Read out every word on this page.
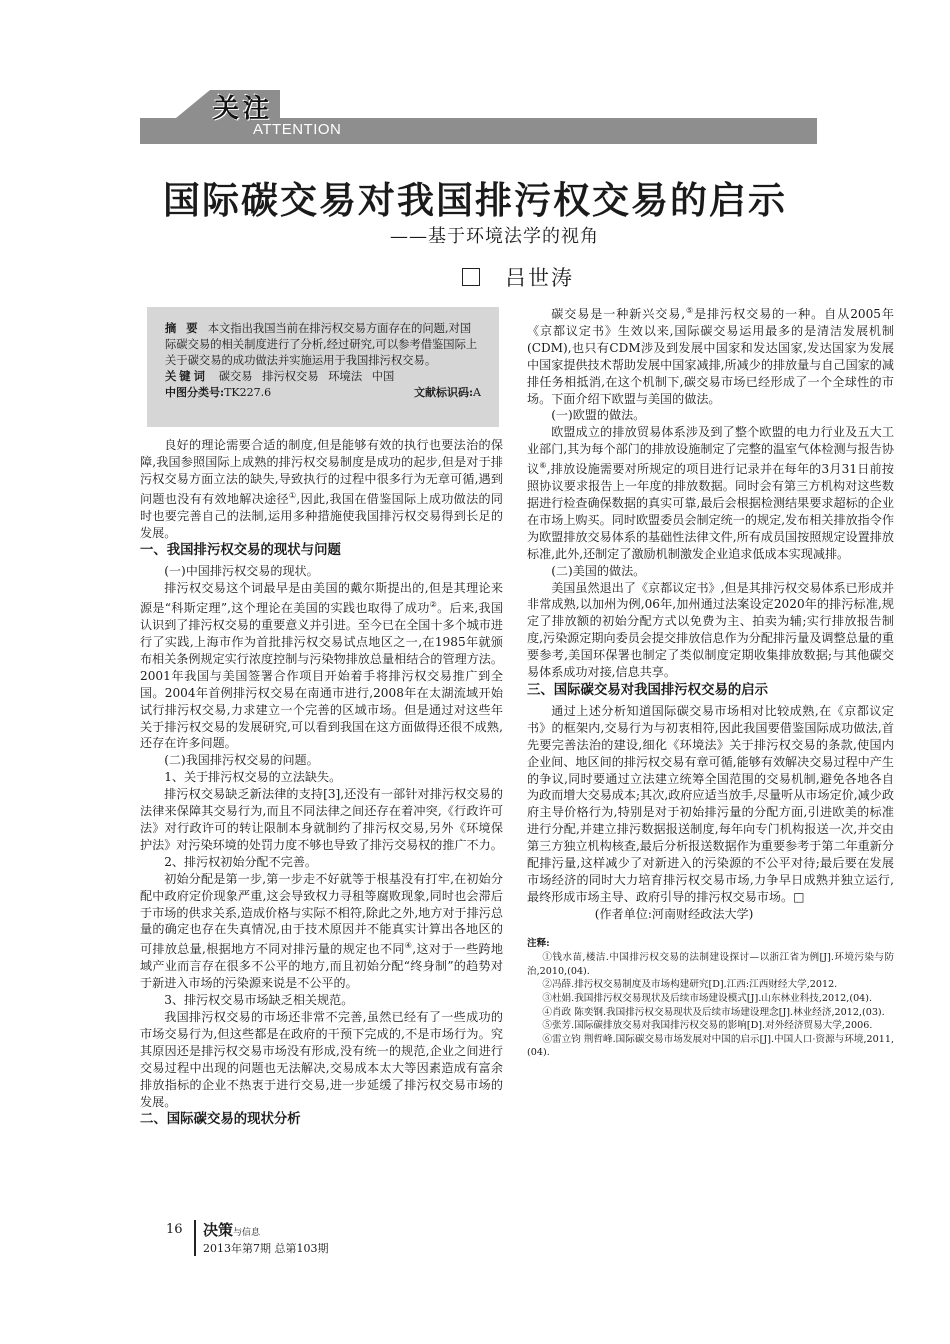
关注
ATTENTION
国际碳交易对我国排污权交易的启示
——基于环境法学的视角
吕世涛
摘 要 本文指出我国当前在排污权交易方面存在的问题,对国际碳交易的相关制度进行了分析,经过研究,可以参考借鉴国际上关于碳交易的成功做法并实施运用于我国排污权交易。
关键词 碳交易 排污权交易 环境法 中国
中图分类号:TK227.6	文献标识码:A

良好的理论需要合适的制度,但是能够有效的执行也要法治的保障,我国参照国际上成熟的排污权交易制度是成功的起步,但是对于排污权交易方面立法的缺失,导致执行的过程中很多行为无章可循,遇到问题也没有有效地解决途径①,因此,我国在借鉴国际上成功做法的同时也要完善自己的法制,运用多种措施使我国排污权交易得到长足的发展。

一、我国排污权交易的现状与问题

(一)中国排污权交易的现状。

排污权交易这个词最早是由美国的戴尔斯提出的,但是其理论来源是“科斯定理”,这个理论在美国的实践也取得了成功②。后来,我国认识到了排污权交易的重要意义并引进。至今已在全国十多个城市进行了实践,上海市作为首批排污权交易试点地区之一,在1985年就颁布相关条例规定实行浓度控制与污染物排放总量相结合的管理方法。2001年我国与美国签署合作项目开始着手将排污权交易推广到全国。2004年首例排污权交易在南通市进行,2008年在太湖流域开始试行排污权交易,力求建立一个完善的区域市场。但是通过对这些年关于排污权交易的发展研究,可以看到我国在这方面做得还很不成熟,还存在许多问题。

(二)我国排污权交易的问题。

1、关于排污权交易的立法缺失。

排污权交易缺乏新法律的支持[3],还没有一部针对排污权交易的法律来保障其交易行为,而且不同法律之间还存在着冲突,《行政许可法》对行政许可的转让限制本身就制约了排污权交易,另外《环境保护法》对污染环境的处罚力度不够也导致了排污交易权的推广不力。

2、排污权初始分配不完善。

初始分配是第一步,第一步走不好就等于根基没有打牢,在初始分配中政府定价现象严重,这会导致权力寻租等腐败现象,同时也会滞后于市场的供求关系,造成价格与实际不相符,除此之外,地方对于排污总量的确定也存在失真情况,由于技术原因并不能真实计算出各地区的可排放总量,根据地方不同对排污量的规定也不同④,这对于一些跨地域产业而言存在很多不公平的地方,而且初始分配“终身制”的趋势对于新进入市场的污染源来说是不公平的。

3、排污权交易市场缺乏相关规范。

我国排污权交易的市场还非常不完善,虽然已经有了一些成功的市场交易行为,但这些都是在政府的干预下完成的,不是市场行为。究其原因还是排污权交易市场没有形成,没有统一的规范,企业之间进行交易过程中出现的问题也无法解决,交易成本太大等因素造成有富余排放指标的企业不热衷于进行交易,进一步延缓了排污权交易市场的发展。

二、国际碳交易的现状分析

碳交易是一种新兴交易,⑤是排污权交易的一种。自从2005年《京都议定书》生效以来,国际碳交易运用最多的是清洁发展机制(CDM),也只有CDM涉及到发展中国家和发达国家,发达国家为发展中国家提供技术帮助发展中国家减排,所减少的排放量与自己国家的减排任务相抵消,在这个机制下,碳交易市场已经形成了一个全球性的市场。下面介绍下欧盟与美国的做法。

(一)欧盟的做法。

欧盟成立的排放贸易体系涉及到了整个欧盟的电力行业及五大工业部门,其为每个部门的排放设施制定了完整的温室气体检测与报告协议⑥,排放设施需要对所规定的项目进行记录并在每年的3月31日前按照协议要求报告上一年度的排放数据。同时会有第三方机构对这些数据进行检查确保数据的真实可靠,最后会根据检测结果要求超标的企业在市场上购买。同时欧盟委员会制定统一的规定,发布相关排放指令作为欧盟排放交易体系的基础性法律文件,所有成员国按照规定设置排放标准,此外,还制定了激励机制激发企业追求低成本实现减排。

(二)美国的做法。

美国虽然退出了《京都议定书》,但是其排污权交易体系已形成并非常成熟,以加州为例,06年,加州通过法案设定2020年的排污标准,规定了排放额的初始分配方式以免费为主、拍卖为辅;实行排放报告制度,污染源定期向委员会提交排放信息作为分配排污量及调整总量的重要参考,美国环保署也制定了类似制度定期收集排放数据;与其他碳交易体系成功对接,信息共享。

三、国际碳交易对我国排污权交易的启示

通过上述分析知道国际碳交易市场相对比较成熟,在《京都议定书》的框架内,交易行为与初衷相符,因此我国要借鉴国际成功做法,首先要完善法治的建设,细化《环境法》关于排污权交易的条款,使国内企业间、地区间的排污权交易有章可循,能够有效解决交易过程中产生的争议,同时要通过立法建立统筹全国范围的交易机制,避免各地各自为政而增大交易成本;其次,政府应适当放手,尽量听从市场定价,减少政府主导价格行为,特别是对于初始排污量的分配方面,引进欧美的标准进行分配,并建立排污数据报送制度,每年向专门机构报送一次,并交由第三方独立机构核查,最后分析报送数据作为重要参考于第二年重新分配排污量,这样减少了对新进入的污染源的不公平对待;最后要在发展市场经济的同时大力培育排污权交易市场,力争早日成熟并独立运行,最终形成市场主导、政府引导的排污权交易市场。□

(作者单位:河南财经政法大学)

注释:

①钱水苗,楼洁.中国排污权交易的法制建设探讨—以浙江省为例[J].环境污染与防治,2010,(04).

②冯薛.排污权交易制度及市场构建研究[D].江西:江西财经大学,2012.

③杜娟.我国排污权交易现状及后续市场建设模式[J].山东林业科技,2012,(04).

④肖政 陈奕钢.我国排污权交易现状及后续市场建设理念[J].林业经济,2012,(03).

⑤张芳.国际碳排放交易对我国排污权交易的影响[D].对外经济贸易大学,2006.

⑥雷立钧 荆哲峰.国际碳交易市场发展对中国的启示[J].中国人口·资源与环境,2011,(04).

16 决策与信息
2013年第7期 总第103期
